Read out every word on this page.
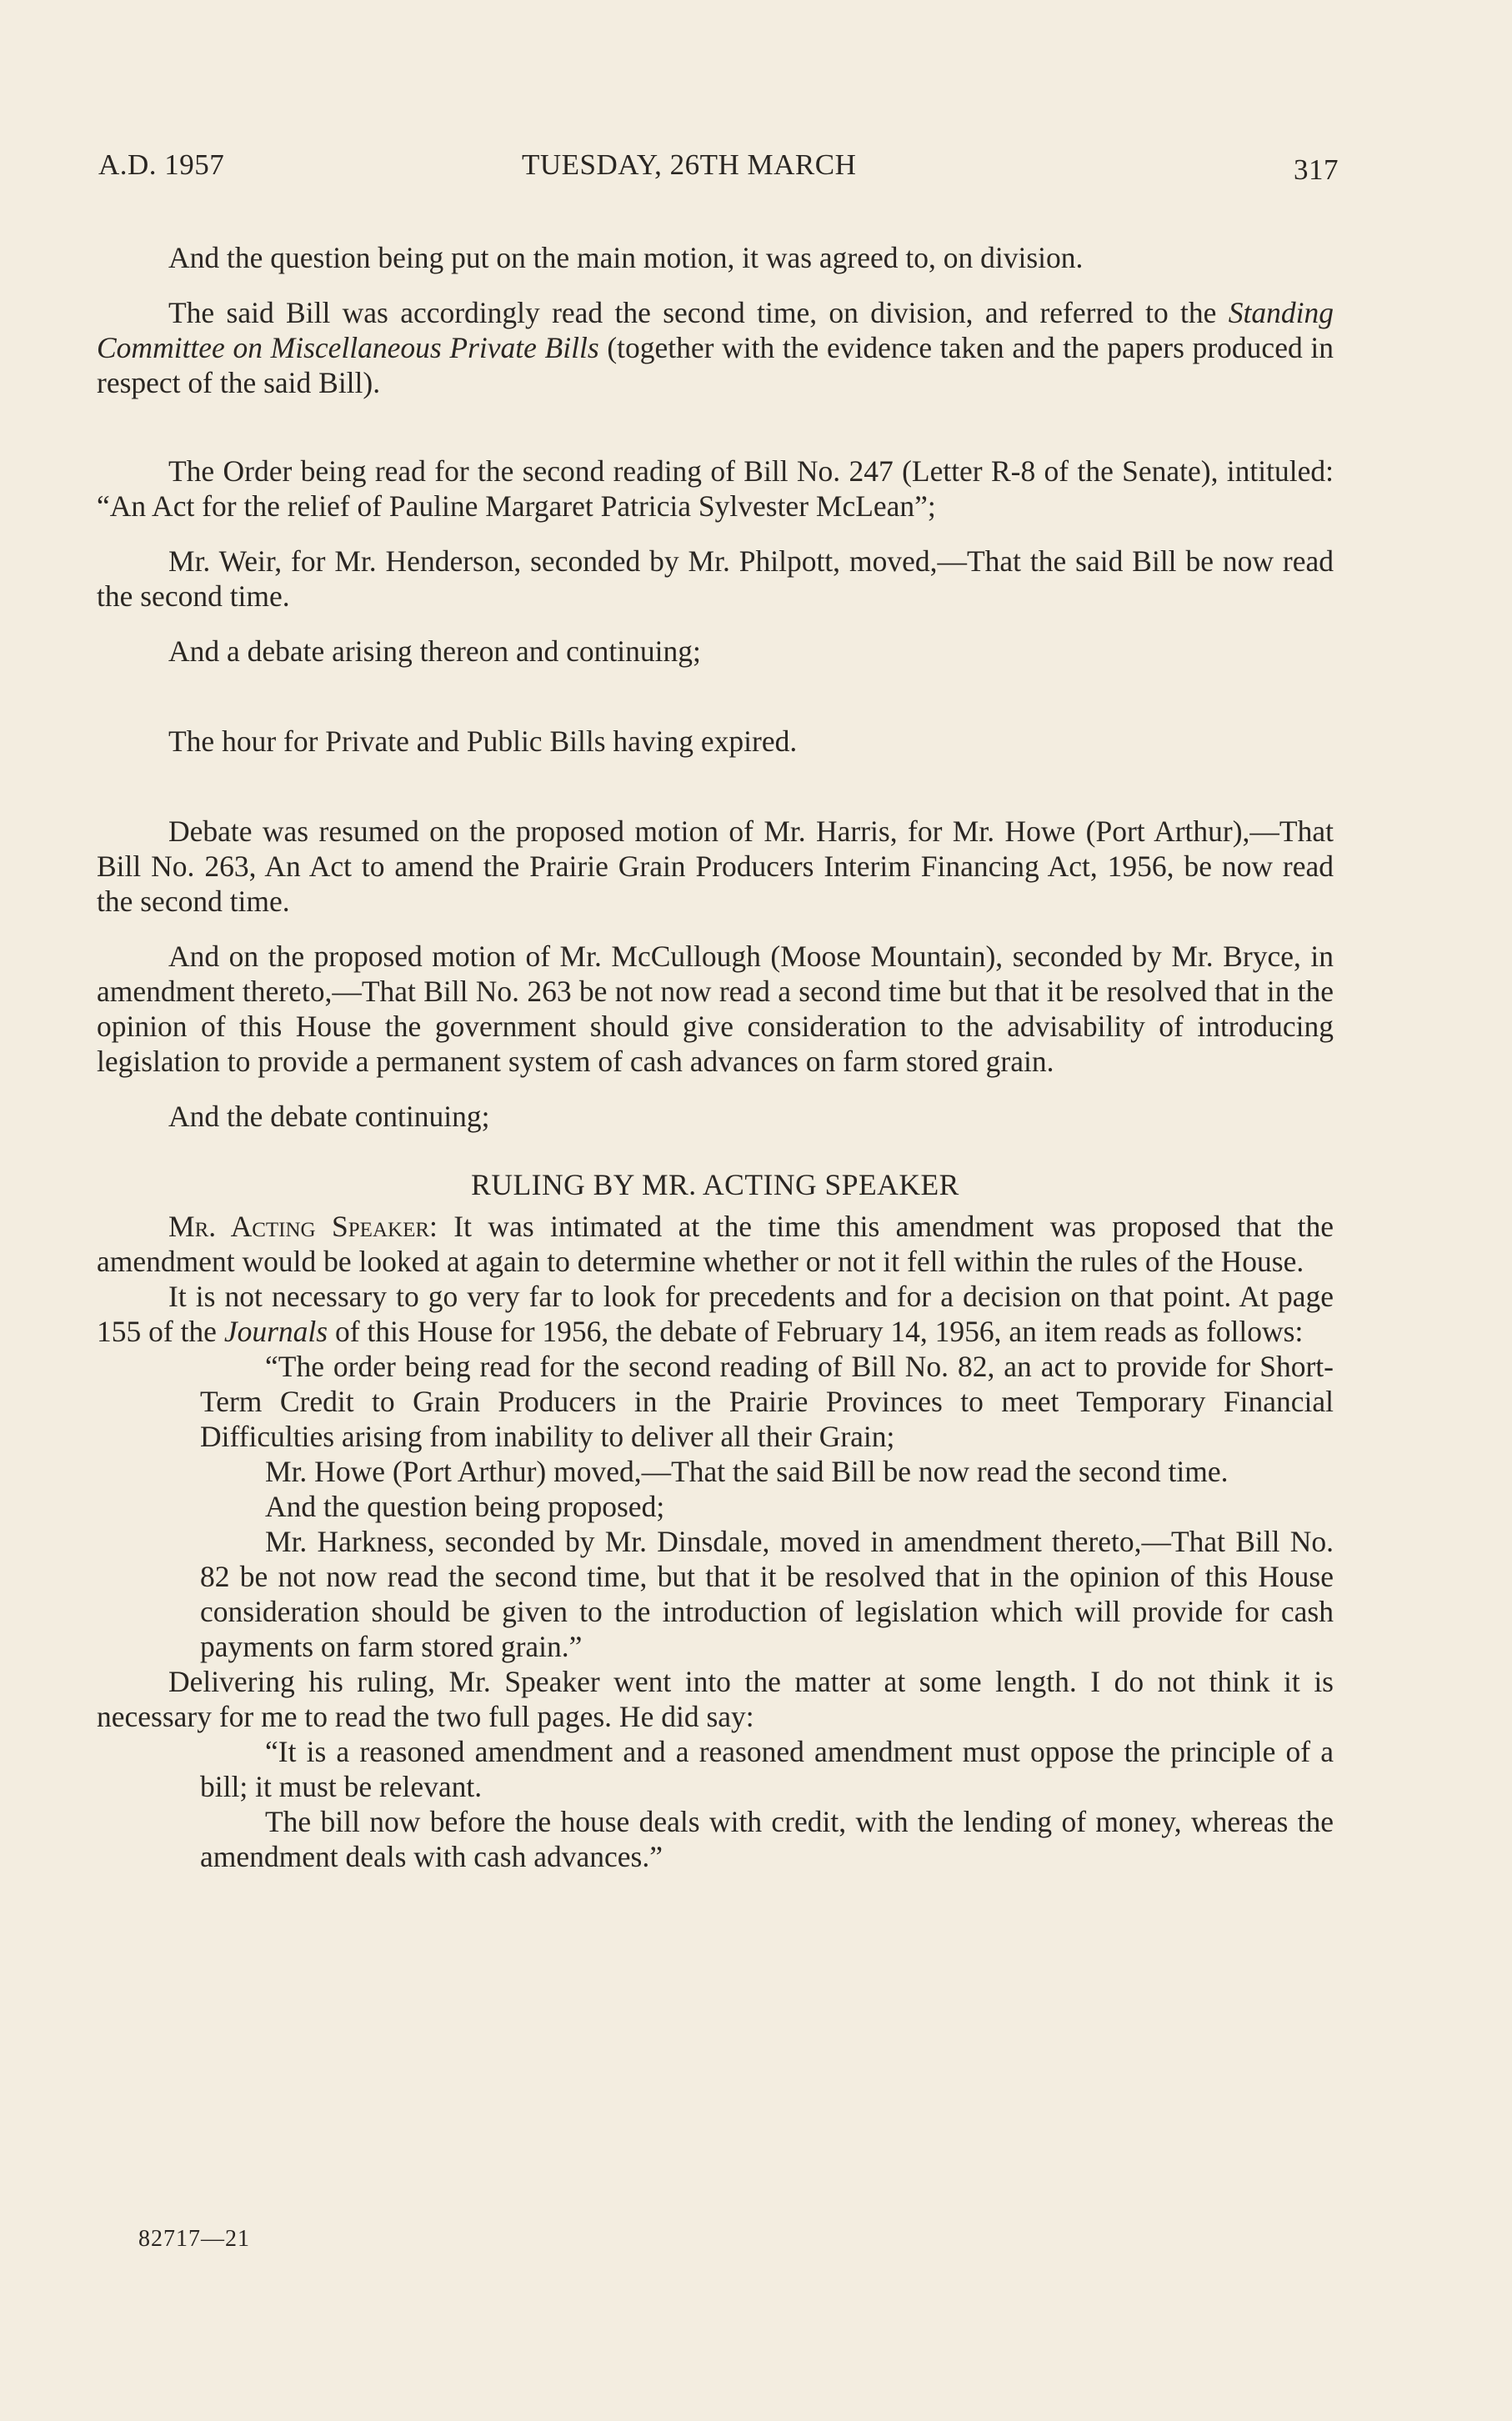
A.D. 1957	TUESDAY, 26TH MARCH	317

And the question being put on the main motion, it was agreed to, on division.

The said Bill was accordingly read the second time, on division, and referred to the Standing Committee on Miscellaneous Private Bills (together with the evidence taken and the papers produced in respect of the said Bill).

The Order being read for the second reading of Bill No. 247 (Letter R-8 of the Senate), intituled: “An Act for the relief of Pauline Margaret Patricia Sylvester McLean”;

Mr. Weir, for Mr. Henderson, seconded by Mr. Philpott, moved,—That the said Bill be now read the second time.

And a debate arising thereon and continuing;

The hour for Private and Public Bills having expired.

Debate was resumed on the proposed motion of Mr. Harris, for Mr. Howe (Port Arthur),—That Bill No. 263, An Act to amend the Prairie Grain Producers Interim Financing Act, 1956, be now read the second time.

And on the proposed motion of Mr. McCullough (Moose Mountain), seconded by Mr. Bryce, in amendment thereto,—That Bill No. 263 be not now read a second time but that it be resolved that in the opinion of this House the government should give consideration to the advisability of introducing legislation to provide a permanent system of cash advances on farm stored grain.

And the debate continuing;

RULING BY MR. ACTING SPEAKER

Mr. Acting Speaker: It was intimated at the time this amendment was proposed that the amendment would be looked at again to determine whether or not it fell within the rules of the House.

It is not necessary to go very far to look for precedents and for a decision on that point. At page 155 of the Journals of this House for 1956, the debate of February 14, 1956, an item reads as follows:

“The order being read for the second reading of Bill No. 82, an act to provide for Short-Term Credit to Grain Producers in the Prairie Provinces to meet Temporary Financial Difficulties arising from inability to deliver all their Grain;

Mr. Howe (Port Arthur) moved,—That the said Bill be now read the second time.

And the question being proposed;

Mr. Harkness, seconded by Mr. Dinsdale, moved in amendment thereto,—That Bill No. 82 be not now read the second time, but that it be resolved that in the opinion of this House consideration should be given to the introduction of legislation which will provide for cash payments on farm stored grain.”

Delivering his ruling, Mr. Speaker went into the matter at some length. I do not think it is necessary for me to read the two full pages. He did say:

“It is a reasoned amendment and a reasoned amendment must oppose the principle of a bill; it must be relevant.

The bill now before the house deals with credit, with the lending of money, whereas the amendment deals with cash advances.”

82717—21
